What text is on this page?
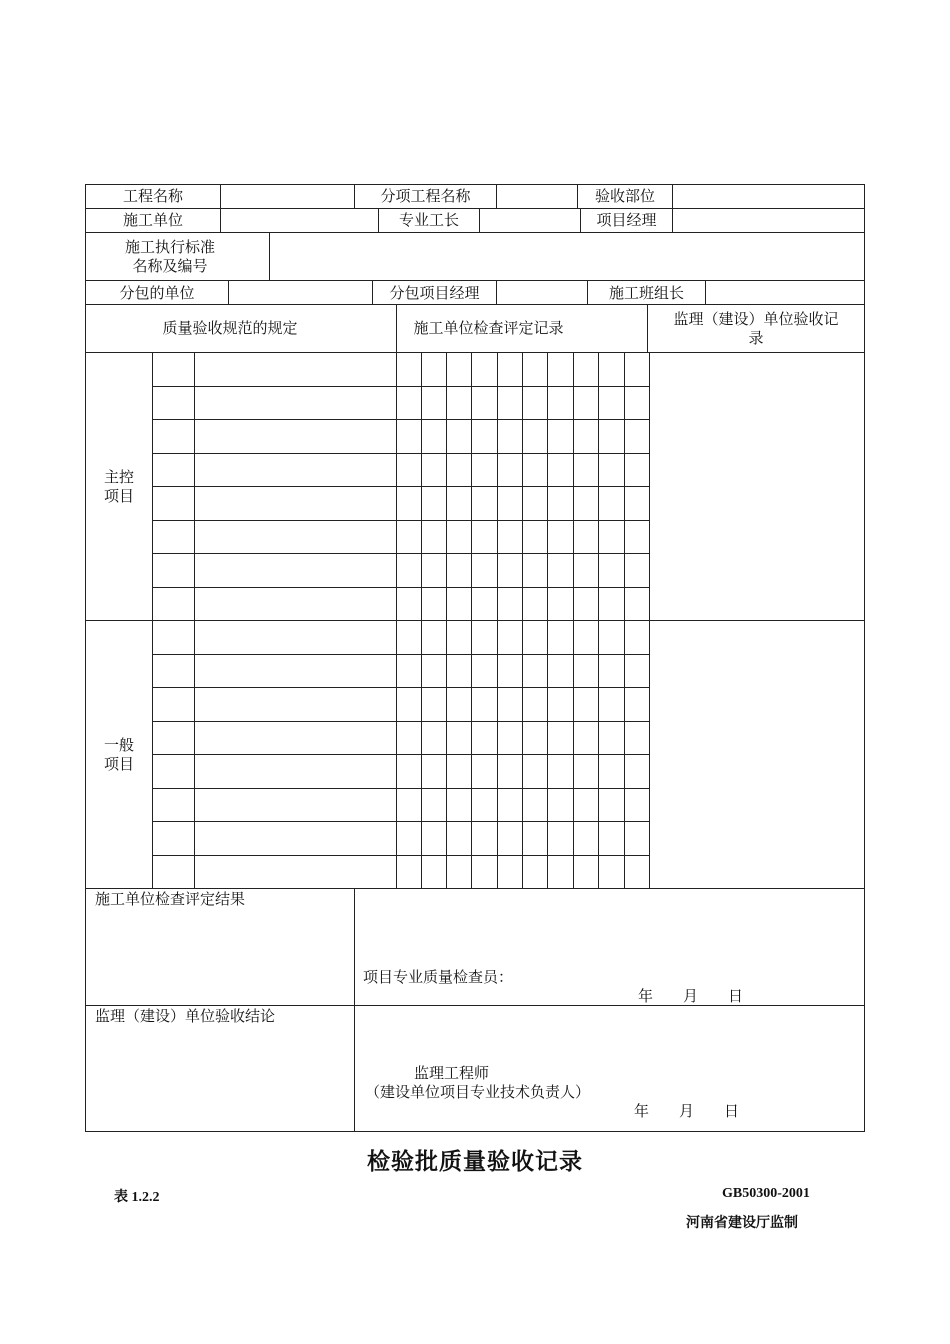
工程名称	分项工程名称	验收部位
施工单位	专业工长	项目经理
施工执行标准
名称及编号
分包的单位	分包项目经理	施工班组长
质量验收规范的规定	施工单位检查评定记录	监理（建设）单位验收记
录
主控
项目
一般
项目
施工单位检查评定结果
项目专业质量检查员：
年　　月　　日
监理（建设）单位验收结论
监理工程师
（建设单位项目专业技术负责人）
年　　月　　日
检验批质量验收记录
表 1.2.2	GB50300-2001
河南省建设厅监制
